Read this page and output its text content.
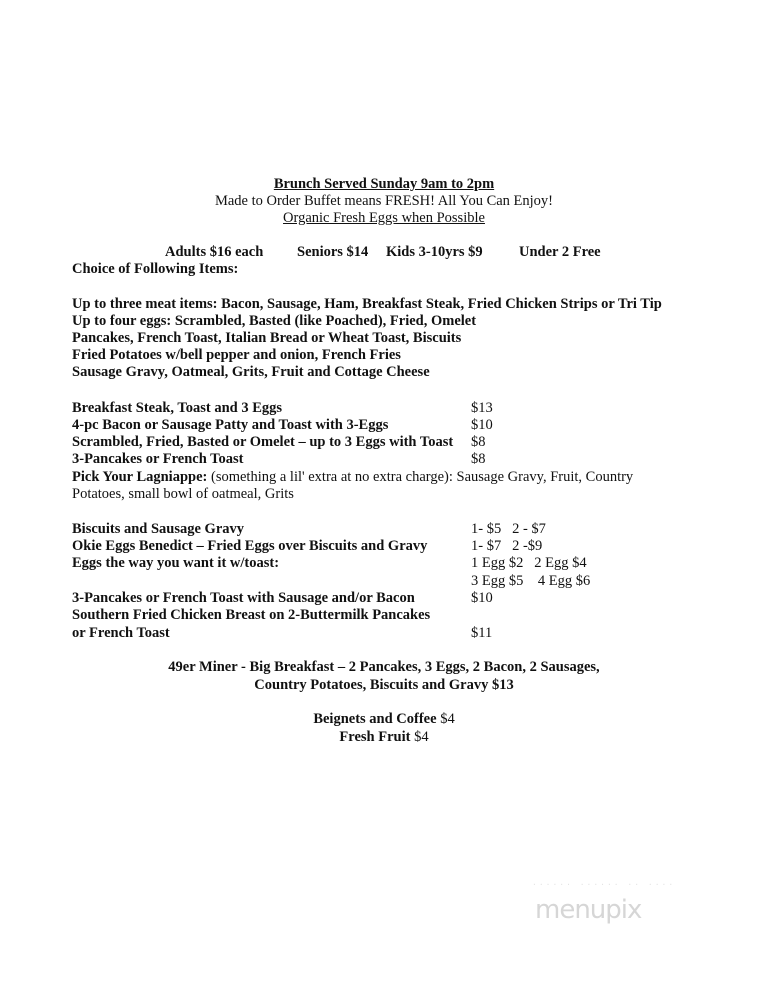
Brunch Served Sunday 9am to 2pm
Made to Order Buffet means FRESH! All You Can Enjoy!
Organic Fresh Eggs when Possible
Adults $16 each Seniors $14 Kids 3-10yrs $9	Under 2 Free
Choice of Following Items:
Up to three meat items: Bacon, Sausage, Ham, Breakfast Steak, Fried Chicken Strips or Tri Tip
Up to four eggs: Scrambled, Basted (like Poached), Fried, Omelet
Pancakes, French Toast, Italian Bread or Wheat Toast, Biscuits
Fried Potatoes w/bell pepper and onion, French Fries
Sausage Gravy, Oatmeal, Grits, Fruit and Cottage Cheese
Breakfast Steak, Toast and 3 Eggs	$13
4-pc Bacon or Sausage Patty and Toast with 3-Eggs	$10
Scrambled, Fried, Basted or Omelet – up to 3 Eggs with Toast $8
3-Pancakes or French Toast	$8
Pick Your Lagniappe: (something a lil' extra at no extra charge): Sausage Gravy, Fruit, Country
Potatoes, small bowl of oatmeal, Grits
Biscuits and Sausage Gravy	1- $5   2 - $7
Okie Eggs Benedict – Fried Eggs over Biscuits and Gravy	1- $7   2 -$9
Eggs the way you want it w/toast:	1 Egg $2   2 Egg $4
3 Egg $5    4 Egg $6
3-Pancakes or French Toast with Sausage and/or Bacon	$10
Southern Fried Chicken Breast on 2-Buttermilk Pancakes
or French Toast	$11
49er Miner - Big Breakfast – 2 Pancakes, 3 Eggs, 2 Bacon, 2 Sausages,
Country Potatoes, Biscuits and Gravy $13
Beignets and Coffee $4
Fresh Fruit $4
······ ······ ·· ····
menupix
